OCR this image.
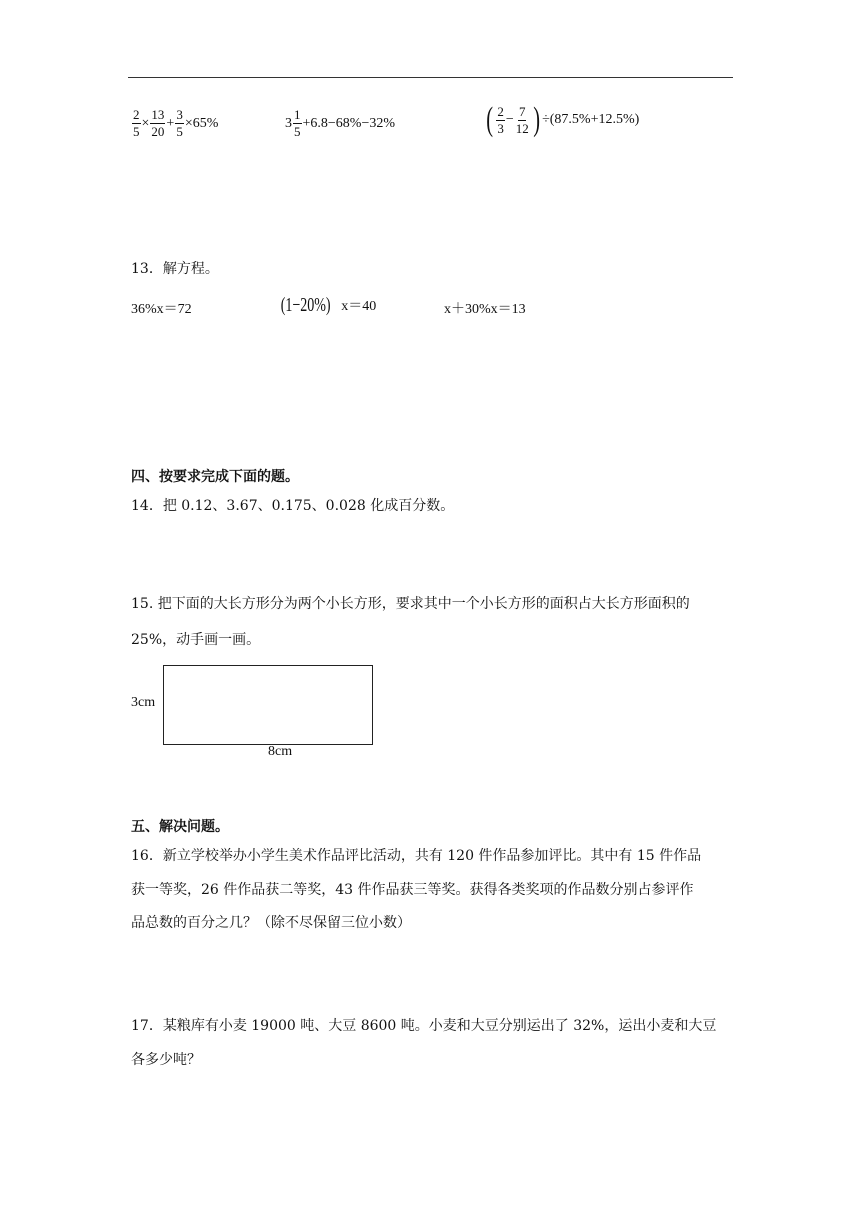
$\frac{2}{5} \times \frac{13}{20} + \frac{3}{5} \times 65\%$	$3 \frac{1}{5} +6.8-68\%-32\%$	( $\frac{2}{3} - \frac{7}{12}$ ) ÷(87.5%+12.5%)
13．解方程。
36%x＝72	(1−20%) x＝40	x＋30%x＝13
四、按要求完成下面的题。
14．把 0.12、3.67、0.175、0.028 化成百分数。
15. 把下面的大长方形分为两个小长方形，要求其中一个小长方形的面积占大长方形面积的
25%，动手画一画。
3cm
8cm
五、解决问题。
16．新立学校举办小学生美术作品评比活动，共有 120 件作品参加评比。其中有 15 件作品
获一等奖，26 件作品获二等奖，43 件作品获三等奖。获得各类奖项的作品数分别占参评作
品总数的百分之几？（除不尽保留三位小数）
17．某粮库有小麦 19000 吨、大豆 8600 吨。小麦和大豆分别运出了 32%，运出小麦和大豆
各多少吨？
